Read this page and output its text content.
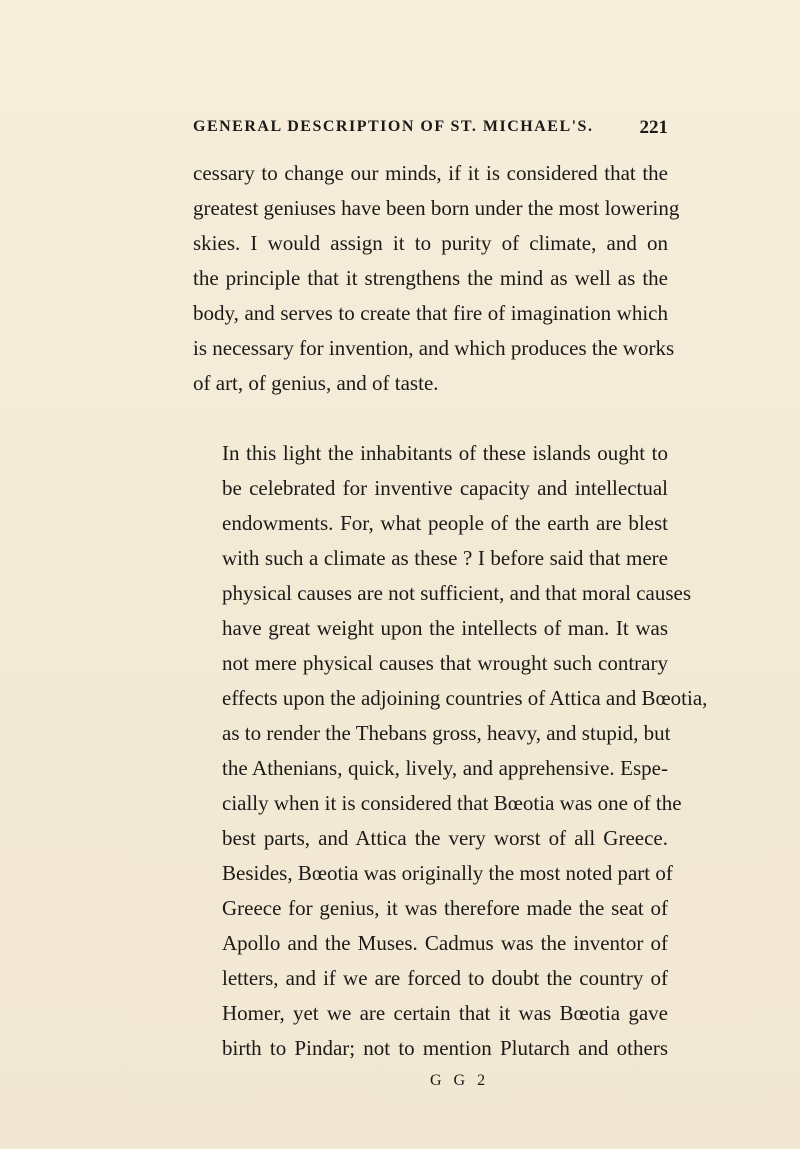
GENERAL DESCRIPTION OF ST. MICHAEL'S. 221

cessary to change our minds, if it is considered that the
greatest geniuses have been born under the most lowering
skies. I would assign it to purity of climate, and on
the principle that it strengthens the mind as well as the
body, and serves to create that fire of imagination which
is necessary for invention, and which produces the works
of art, of genius, and of taste.

In this light the inhabitants of these islands ought to
be celebrated for inventive capacity and intellectual
endowments. For, what people of the earth are blest
with such a climate as these ? I before said that mere
physical causes are not sufficient, and that moral causes
have great weight upon the intellects of man. It was
not mere physical causes that wrought such contrary
effects upon the adjoining countries of Attica and Bœotia,
as to render the Thebans gross, heavy, and stupid, but
the Athenians, quick, lively, and apprehensive. Espe-
cially when it is considered that Bœotia was one of the
best parts, and Attica the very worst of all Greece.
Besides, Bœotia was originally the most noted part of
Greece for genius, it was therefore made the seat of
Apollo and the Muses. Cadmus was the inventor of
letters, and if we are forced to doubt the country of
Homer, yet we are certain that it was Bœotia gave
birth to Pindar; not to mention Plutarch and others

G G 2
